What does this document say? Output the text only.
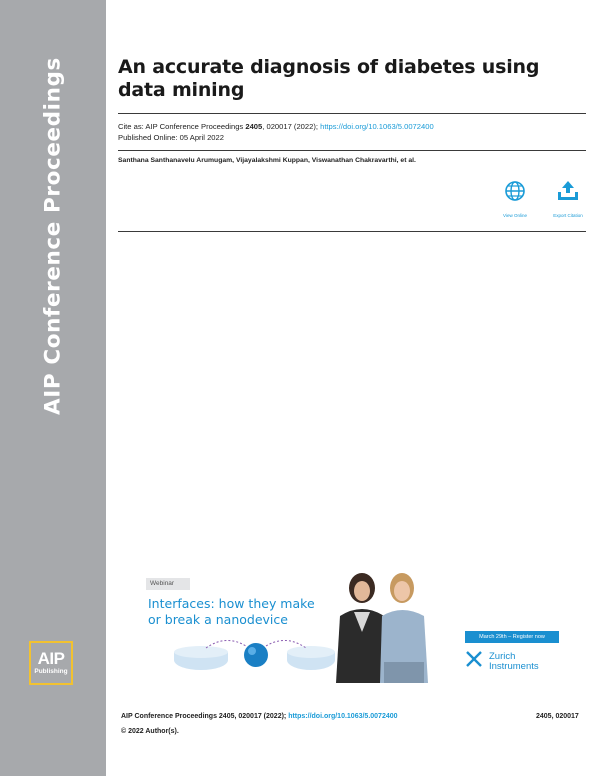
AIP Conference Proceedings
AIP
Publishing
An accurate diagnosis of diabetes using data mining
Cite as: AIP Conference Proceedings 2405, 020017 (2022); https://doi.org/10.1063/5.0072400
Published Online: 05 April 2022
Santhana Santhanavelu Arumugam, Vijayalakshmi Kuppan, Viswanathan Chakravarthi, et al.
View Online	Export Citation
Webinar
Interfaces: how they make
or break a nanodevice
March 29th – Register now
Zurich
Instruments
AIP Conference Proceedings 2405, 020017 (2022); https://doi.org/10.1063/5.0072400	2405, 020017
© 2022 Author(s).
